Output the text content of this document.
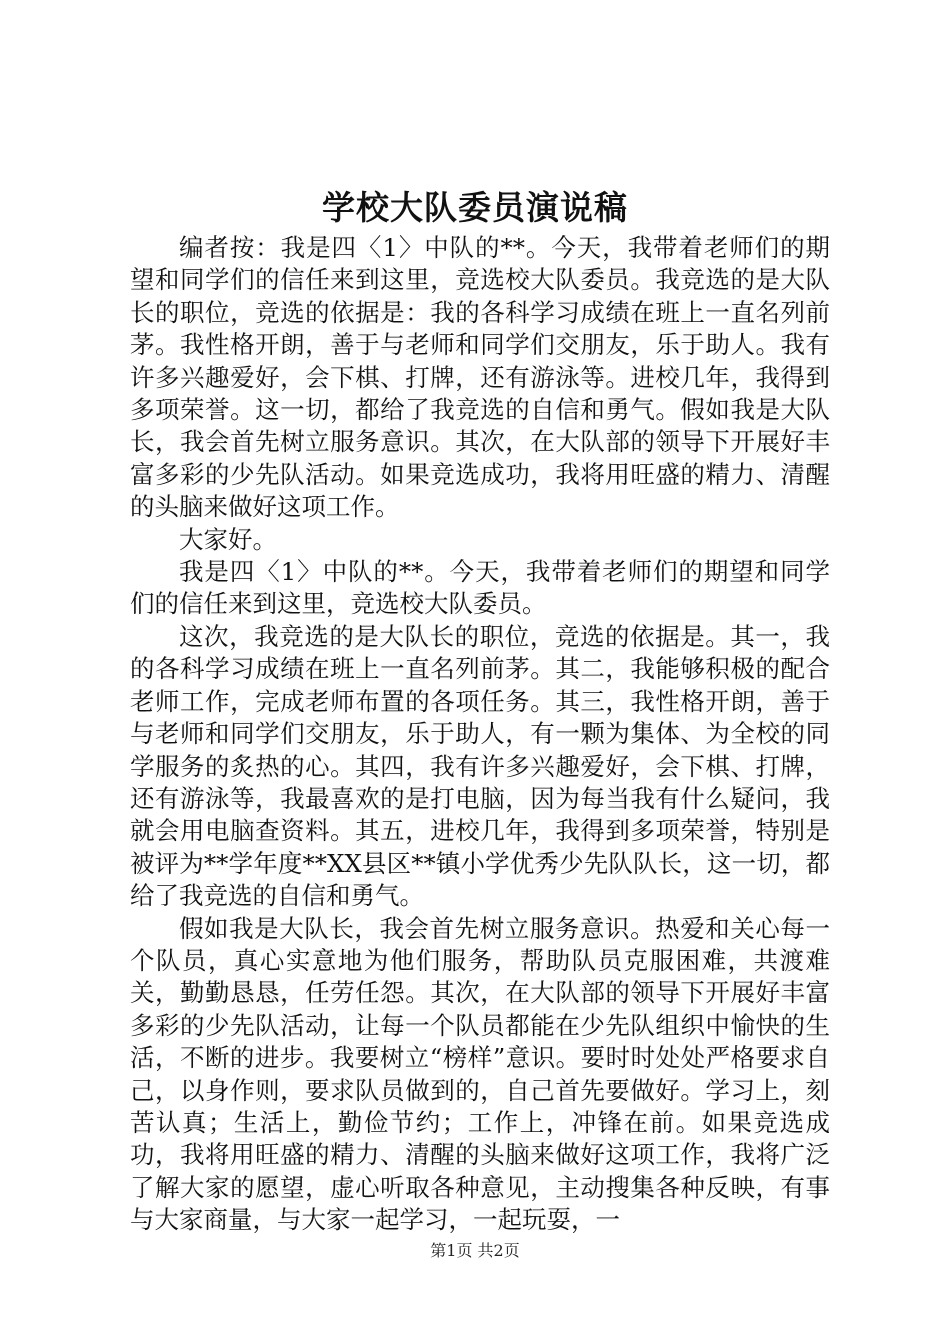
学校大队委员演说稿

编者按：我是四〈1〉中队的**。今天，我带着老师们的期望和同学们的信任来到这里，竞选校大队委员。我竞选的是大队长的职位，竞选的依据是：我的各科学习成绩在班上一直名列前茅。我性格开朗，善于与老师和同学们交朋友，乐于助人。我有许多兴趣爱好，会下棋、打牌，还有游泳等。进校几年，我得到多项荣誉。这一切，都给了我竞选的自信和勇气。假如我是大队长，我会首先树立服务意识。其次，在大队部的领导下开展好丰富多彩的少先队活动。如果竞选成功，我将用旺盛的精力、清醒的头脑来做好这项工作。

大家好。

我是四〈1〉中队的**。今天，我带着老师们的期望和同学们的信任来到这里，竞选校大队委员。

这次，我竞选的是大队长的职位，竞选的依据是。其一，我的各科学习成绩在班上一直名列前茅。其二，我能够积极的配合老师工作，完成老师布置的各项任务。其三，我性格开朗，善于与老师和同学们交朋友，乐于助人，有一颗为集体、为全校的同学服务的炙热的心。其四，我有许多兴趣爱好，会下棋、打牌，还有游泳等，我最喜欢的是打电脑，因为每当我有什么疑问，我就会用电脑查资料。其五，进校几年，我得到多项荣誉，特别是被评为**学年度**XX县区**镇小学优秀少先队队长，这一切，都给了我竞选的自信和勇气。

假如我是大队长，我会首先树立服务意识。热爱和关心每一个队员，真心实意地为他们服务，帮助队员克服困难，共渡难关，勤勤恳恳，任劳任怨。其次，在大队部的领导下开展好丰富多彩的少先队活动，让每一个队员都能在少先队组织中愉快的生活，不断的进步。我要树立“榜样”意识。要时时处处严格要求自己，以身作则，要求队员做到的，自己首先要做好。学习上，刻苦认真；生活上，勤俭节约；工作上，冲锋在前。如果竞选成功，我将用旺盛的精力、清醒的头脑来做好这项工作，我将广泛了解大家的愿望，虚心听取各种意见，主动搜集各种反映，有事与大家商量，与大家一起学习，一起玩耍，一

第1页 共2页
